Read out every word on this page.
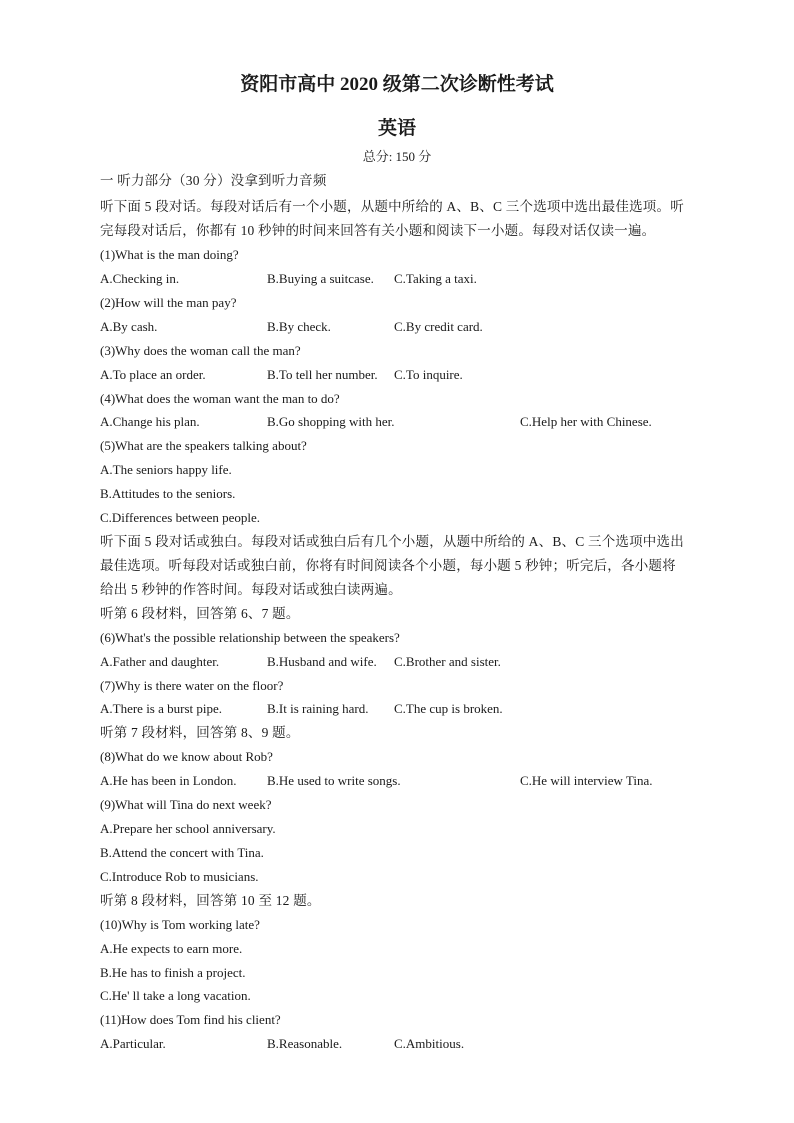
资阳市高中 2020 级第二次诊断性考试
英语
总分: 150 分
一 听力部分（30 分）没拿到听力音频
听下面 5 段对话。每段对话后有一个小题，从题中所给的 A、B、C 三个选项中选出最佳选项。听
完每段对话后，你都有 10 秒钟的时间来回答有关小题和阅读下一小题。每段对话仅读一遍。
(1)What is the man doing?
A.Checking in.	B.Buying a suitcase. C.Taking a taxi.
(2)How will the man pay?
A.By cash.	B.By check.	C.By credit card.
(3)Why does the woman call the man?
A.To place an order.	B.To tell her number. C.To inquire.
(4)What does the woman want the man to do?
A.Change his plan.	B.Go shopping with her.	C.Help her with Chinese.
(5)What are the speakers talking about?
A.The seniors happy life.
B.Attitudes to the seniors.
C.Differences between people.
听下面 5 段对话或独白。每段对话或独白后有几个小题，从题中所给的 A、B、C 三个选项中选出
最佳选项。听每段对话或独白前，你将有时间阅读各个小题，每小题 5 秒钟；听完后，各小题将
给出 5 秒钟的作答时间。每段对话或独白读两遍。
听第 6 段材料，回答第 6、7 题。
(6)What's the possible relationship between the speakers?
A.Father and daughter.	B.Husband and wife. C.Brother and sister.
(7)Why is there water on the floor?
A.There is a burst pipe.	B.It is raining hard. C.The cup is broken.
听第 7 段材料，回答第 8、9 题。
(8)What do we know about Rob?
A.He has been in London. B.He used to write songs.	C.He will interview Tina.
(9)What will Tina do next week?
A.Prepare her school anniversary.
B.Attend the concert with Tina.
C.Introduce Rob to musicians.
听第 8 段材料，回答第 10 至 12 题。
(10)Why is Tom working late?
A.He expects to earn more.
B.He has to finish a project.
C.He' ll take a long vacation.
(11)How does Tom find his client?
A.Particular.	B.Reasonable.	C.Ambitious.
